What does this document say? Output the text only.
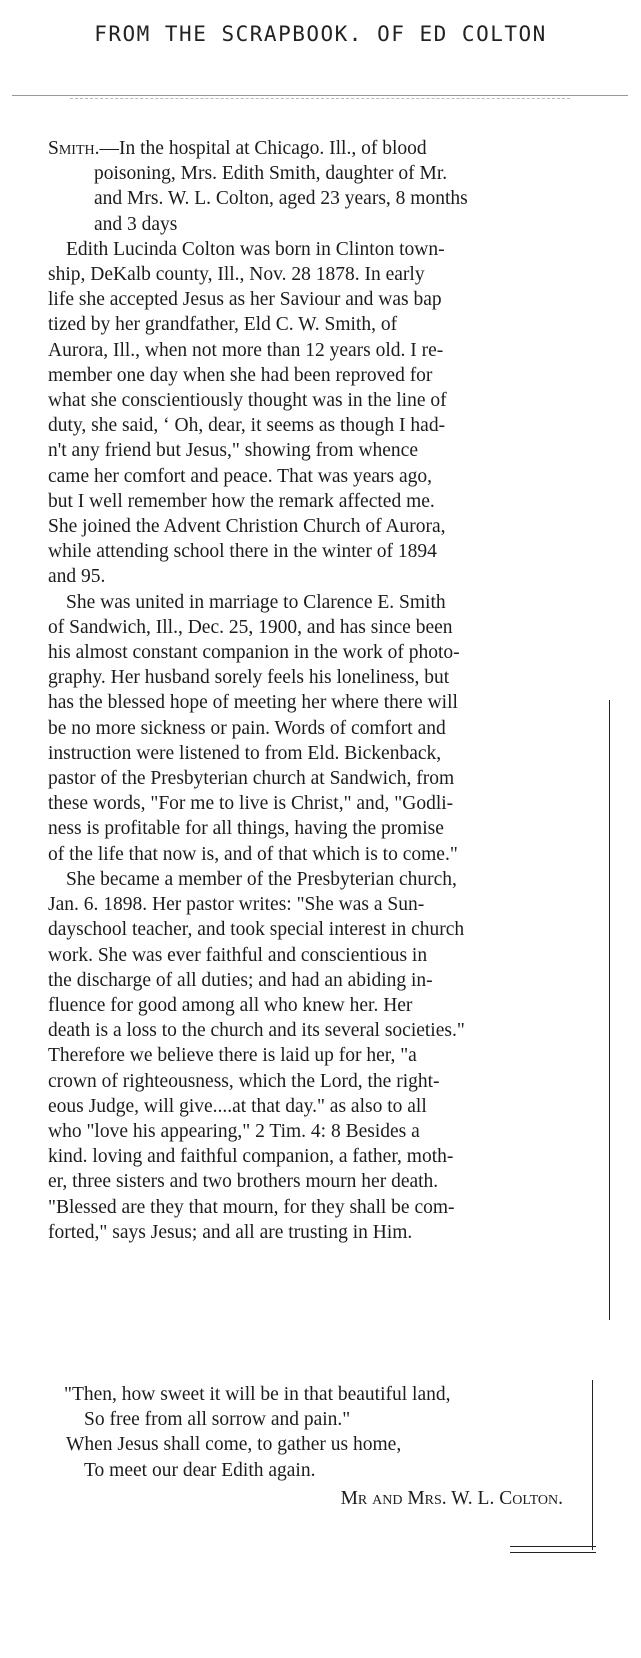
FROM THE SCRAPBOOK. OF ED COLTON

Smith.—In the hospital at Chicago. Ill., of blood

poisoning, Mrs. Edith Smith, daughter of Mr.

and Mrs. W. L. Colton, aged 23 years, 8 months

and 3 days

Edith Lucinda Colton was born in Clinton town-

ship, DeKalb county, Ill., Nov. 28 1878. In early

life she accepted Jesus as her Saviour and was bap

tized by her grandfather, Eld C. W. Smith, of

Aurora, Ill., when not more than 12 years old. I re-

member one day when she had been reproved for

what she conscientiously thought was in the line of

duty, she said, ‘ Oh, dear, it seems as though I had-

n't any friend but Jesus," showing from whence

came her comfort and peace. That was years ago,

but I well remember how the remark affected me.

She joined the Advent Christion Church of Aurora,

while attending school there in the winter of 1894

and 95.

She was united in marriage to Clarence E. Smith

of Sandwich, Ill., Dec. 25, 1900, and has since been

his almost constant companion in the work of photo-

graphy. Her husband sorely feels his loneliness, but

has the blessed hope of meeting her where there will

be no more sickness or pain. Words of comfort and

instruction were listened to from Eld. Bickenback,

pastor of the Presbyterian church at Sandwich, from

these words, "For me to live is Christ," and, "Godli-

ness is profitable for all things, having the promise

of the life that now is, and of that which is to come."

She became a member of the Presbyterian church,

Jan. 6. 1898. Her pastor writes: "She was a Sun-

dayschool teacher, and took special interest in church

work. She was ever faithful and conscientious in

the discharge of all duties; and had an abiding in-

fluence for good among all who knew her. Her

death is a loss to the church and its several societies."

Therefore we believe there is laid up for her, "a

crown of righteousness, which the Lord, the right-

eous Judge, will give....at that day." as also to all

who "love his appearing," 2 Tim. 4: 8 Besides a

kind. loving and faithful companion, a father, moth-

er, three sisters and two brothers mourn her death.

"Blessed are they that mourn, for they shall be com-

forted," says Jesus; and all are trusting in Him.

"Then, how sweet it will be in that beautiful land,

So free from all sorrow and pain."

When Jesus shall come, to gather us home,

To meet our dear Edith again.

Mr and Mrs. W. L. Colton.
